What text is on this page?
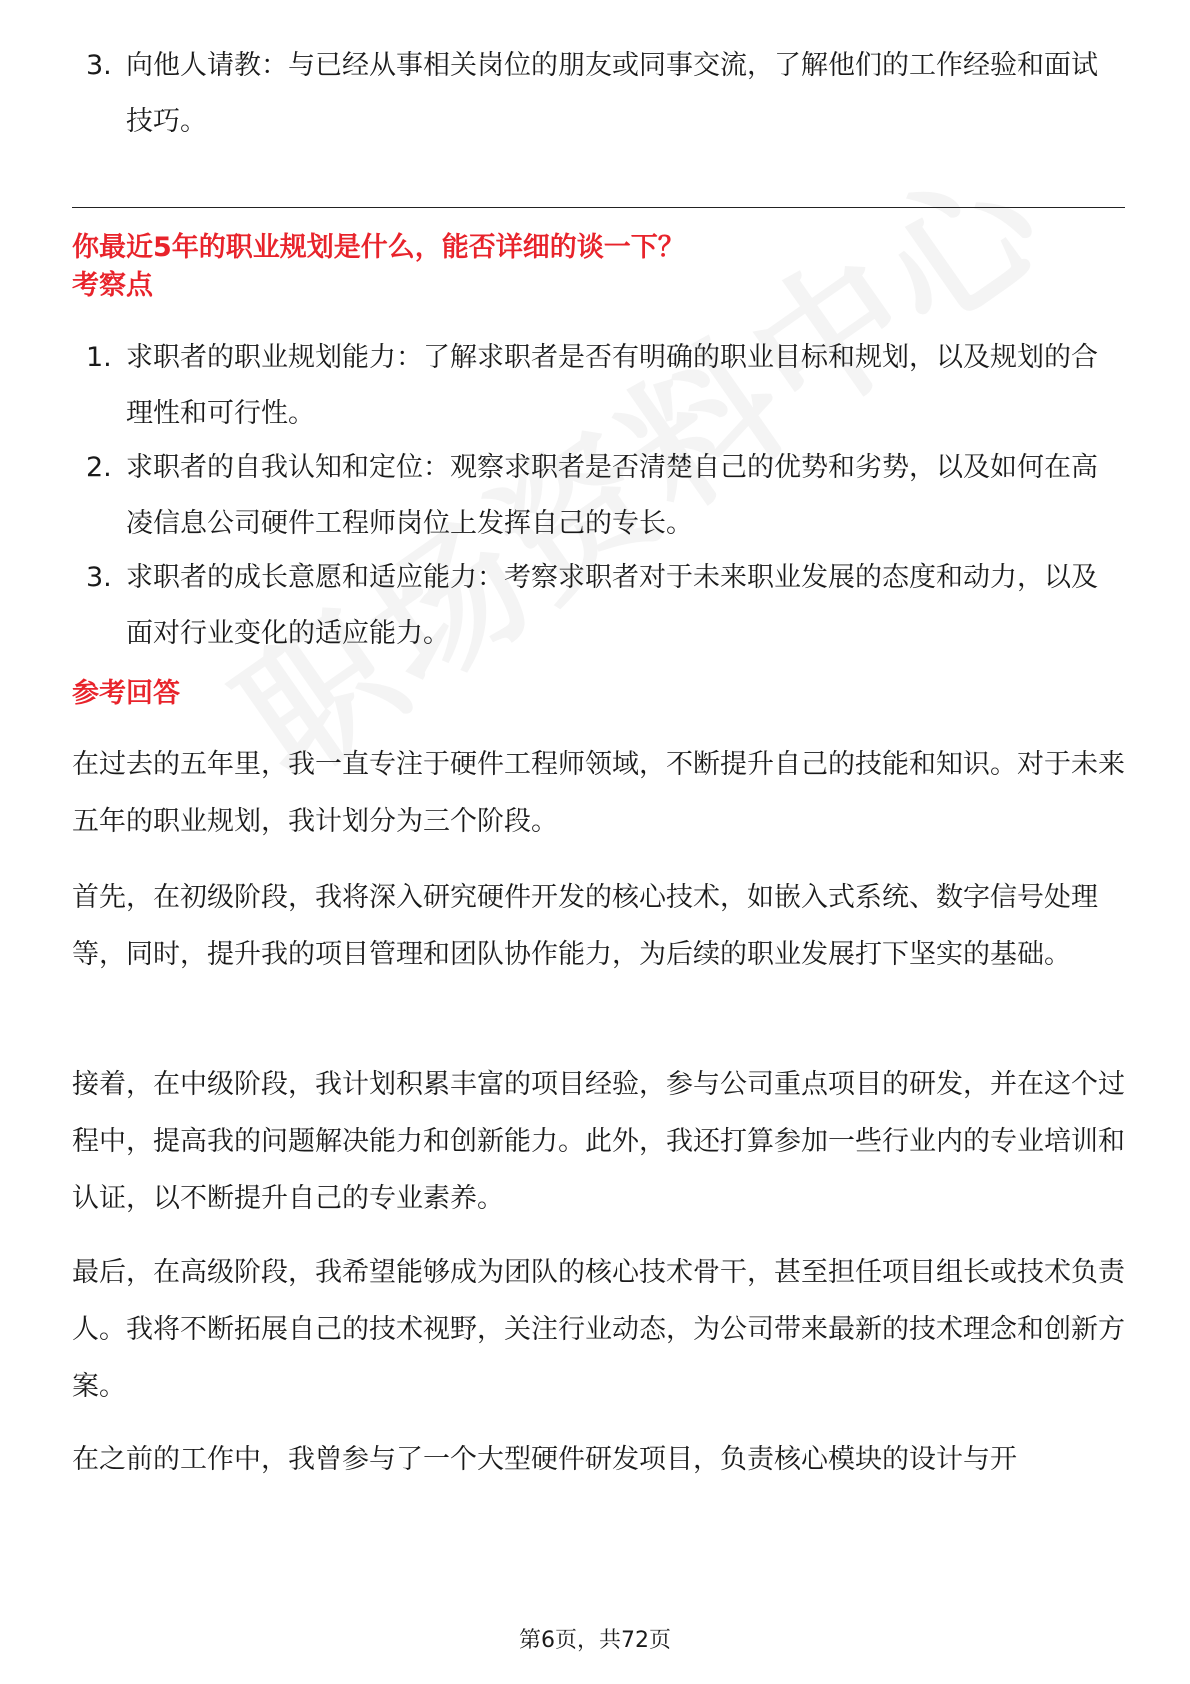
3. 向他人请教：与已经从事相关岗位的朋友或同事交流，了解他们的工作经验和面试技巧。
你最近5年的职业规划是什么，能否详细的谈一下？
考察点
1. 求职者的职业规划能力：了解求职者是否有明确的职业目标和规划，以及规划的合理性和可行性。
2. 求职者的自我认知和定位：观察求职者是否清楚自己的优势和劣势，以及如何在高凌信息公司硬件工程师岗位上发挥自己的专长。
3. 求职者的成长意愿和适应能力：考察求职者对于未来职业发展的态度和动力，以及面对行业变化的适应能力。
参考回答
在过去的五年里，我一直专注于硬件工程师领域，不断提升自己的技能和知识。对于未来五年的职业规划，我计划分为三个阶段。
首先，在初级阶段，我将深入研究硬件开发的核心技术，如嵌入式系统、数字信号处理等，同时，提升我的项目管理和团队协作能力，为后续的职业发展打下坚实的基础。
接着，在中级阶段，我计划积累丰富的项目经验，参与公司重点项目的研发，并在这个过程中，提高我的问题解决能力和创新能力。此外，我还打算参加一些行业内的专业培训和认证，以不断提升自己的专业素养。
最后，在高级阶段，我希望能够成为团队的核心技术骨干，甚至担任项目组长或技术负责人。我将不断拓展自己的技术视野，关注行业动态，为公司带来最新的技术理念和创新方案。
在之前的工作中，我曾参与了一个大型硬件研发项目，负责核心模块的设计与开
第6页，共72页
